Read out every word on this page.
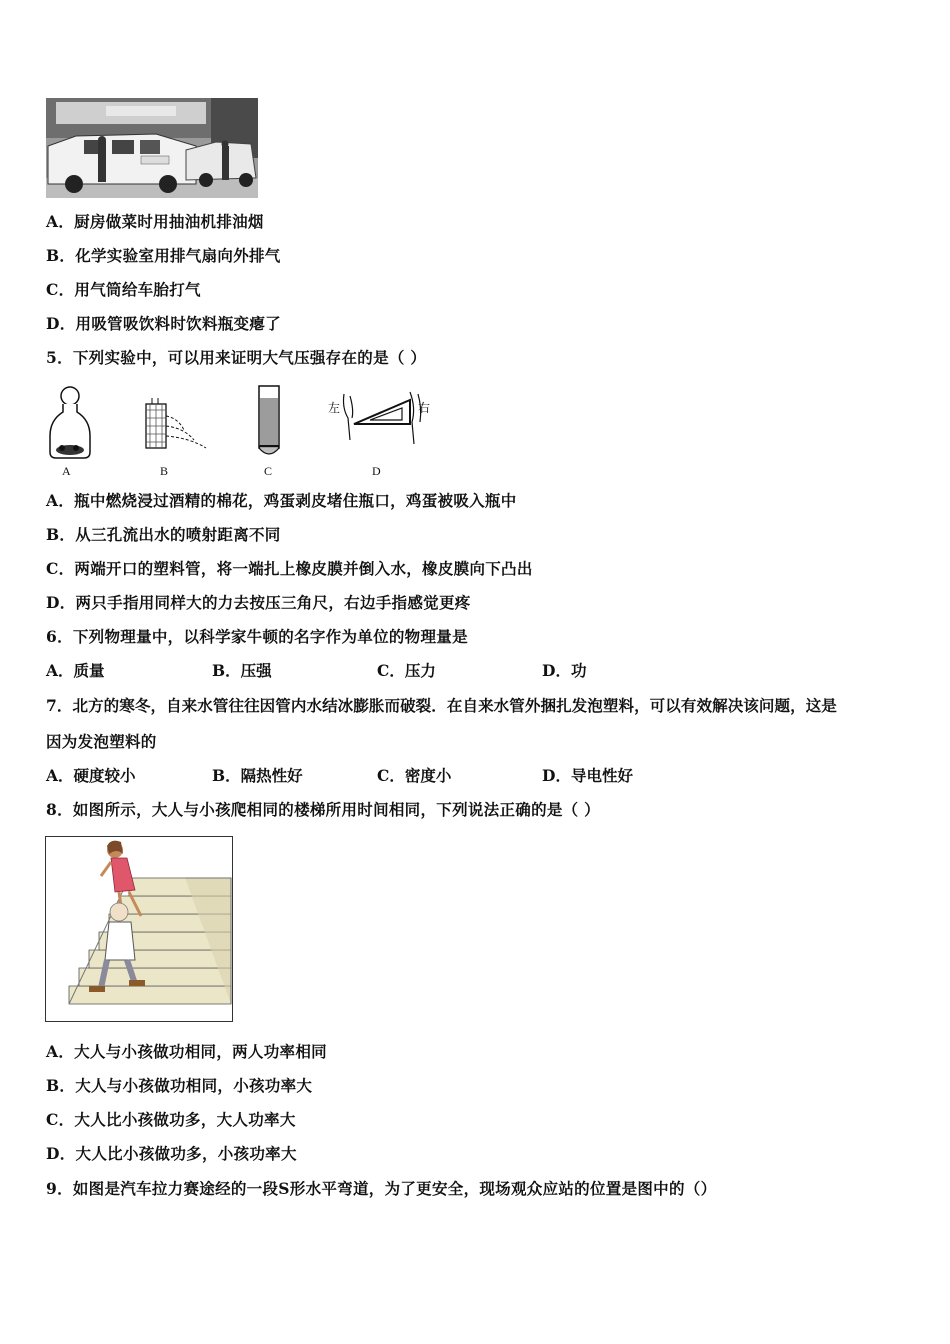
A．厨房做菜时用抽油机排油烟
B．化学实验室用排气扇向外排气
C．用气筒给车胎打气
D．用吸管吸饮料时饮料瓶变瘪了
5．下列实验中，可以用来证明大气压强存在的是（ ）
A	B	C
左	右
D
A．瓶中燃烧浸过酒精的棉花，鸡蛋剥皮堵住瓶口，鸡蛋被吸入瓶中
B．从三孔流出水的喷射距离不同
C．两端开口的塑料管，将一端扎上橡皮膜并倒入水，橡皮膜向下凸出
D．两只手指用同样大的力去按压三角尺，右边手指感觉更疼
6．下列物理量中，以科学家牛顿的名字作为单位的物理量是
A．质量	B．压强	C．压力	D．功
7．北方的寒冬，自来水管往往因管内水结冰膨胀而破裂．在自来水管外捆扎发泡塑料，可以有效解决该问题，这是
因为发泡塑料的
A．硬度较小	B．隔热性好	C．密度小	D．导电性好
8．如图所示，大人与小孩爬相同的楼梯所用时间相同，下列说法正确的是（ ）
A．大人与小孩做功相同，两人功率相同
B．大人与小孩做功相同，小孩功率大
C．大人比小孩做功多，大人功率大
D．大人比小孩做功多，小孩功率大
9．如图是汽车拉力赛途经的一段S形水平弯道，为了更安全，现场观众应站的位置是图中的（）
